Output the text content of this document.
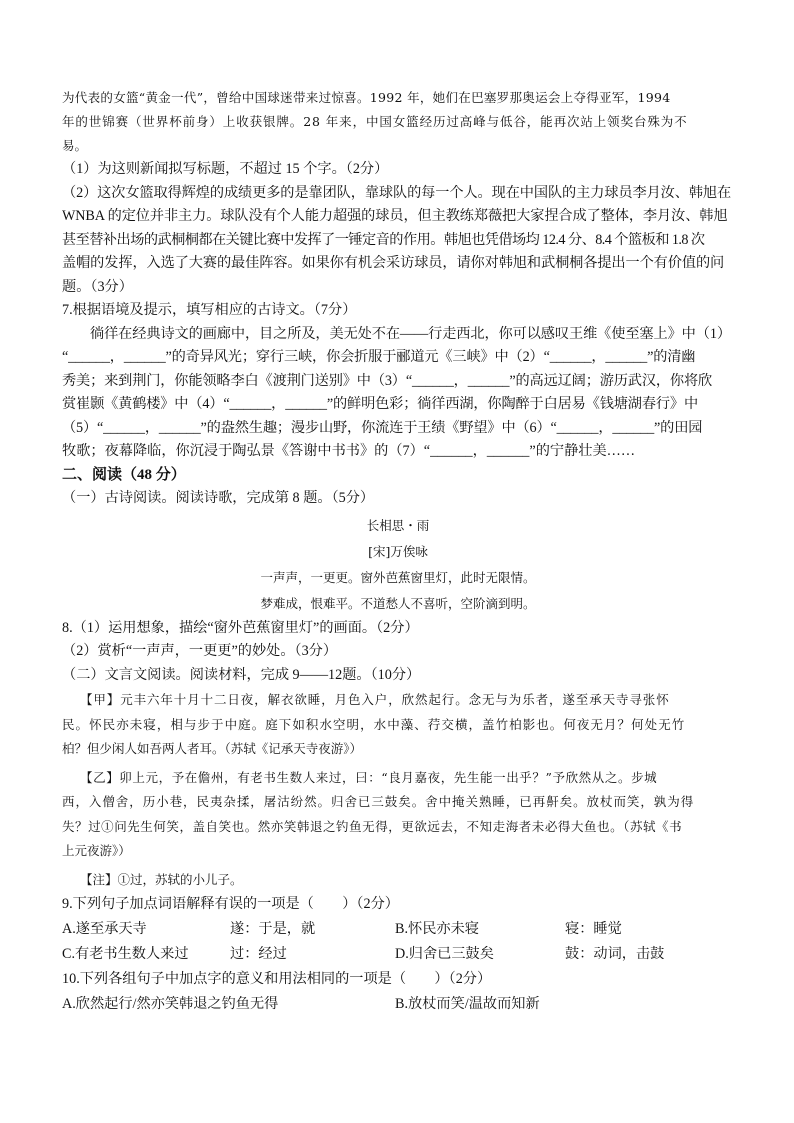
为代表的女篮“黄金一代”，曾给中国球迷带来过惊喜。1992 年，她们在巴塞罗那奥运会上夺得亚军，1994

年的世锦赛（世界杯前身）上收获银牌。28 年来，中国女篮经历过高峰与低谷，能再次站上领奖台殊为不

易。

（1）为这则新闻拟写标题，不超过 15 个字。（2分）

（2）这次女篮取得辉煌的成绩更多的是靠团队，靠球队的每一个人。现在中国队的主力球员李月汝、韩旭在

WNBA 的定位并非主力。球队没有个人能力超强的球员，但主教练郑薇把大家捏合成了整体，李月汝、韩旭

甚至替补出场的武桐桐都在关键比赛中发挥了一锤定音的作用。韩旭也凭借场均 12.4 分、8.4 个篮板和 1.8 次

盖帽的发挥，入选了大赛的最佳阵容。如果你有机会采访球员，请你对韩旭和武桐桐各提出一个有价值的问

题。（3分）

7.根据语境及提示，填写相应的古诗文。（7分）

徜徉在经典诗文的画廊中，目之所及，美无处不在——行走西北，你可以感叹王维《使至塞上》中（1）

“______，______”的奇异风光；穿行三峡，你会折服于郦道元《三峡》中（2）“______，______”的清幽

秀美；来到荆门，你能领略李白《渡荆门送别》中（3）“______，______”的高远辽阔；游历武汉，你将欣

赏崔颢《黄鹤楼》中（4）“______，______”的鲜明色彩；徜徉西湖，你陶醉于白居易《钱塘湖春行》中

（5）“______，______”的盎然生趣；漫步山野，你流连于王绩《野望》中（6）“______，______”的田园

牧歌；夜幕降临，你沉浸于陶弘景《答谢中书书》的（7）“______，______”的宁静壮美……

二、阅读（48 分）

（一）古诗阅读。阅读诗歌，完成第 8 题。（5分）

长相思・雨

[宋]万俟咏

一声声，一更更。窗外芭蕉窗里灯，此时无限情。

梦难成，恨难平。不道愁人不喜听，空阶滴到明。

8.（1）运用想象，描绘“窗外芭蕉窗里灯”的画面。（2分）

（2）赏析“一声声，一更更”的妙处。（3分）

（二）文言文阅读。阅读材料，完成 9——12题。（10分）

【甲】元丰六年十月十二日夜，解衣欲睡，月色入户，欣然起行。念无与为乐者，遂至承天寺寻张怀

民。怀民亦未寝，相与步于中庭。庭下如积水空明，水中藻、荇交横，盖竹柏影也。何夜无月？何处无竹

柏？但少闲人如吾两人者耳。（苏轼《记承天寺夜游》）

【乙】卯上元，予在儋州，有老书生数人来过，曰：“良月嘉夜，先生能一出乎？”予欣然从之。步城

西，入僧舍，历小巷，民夷杂揉，屠沽纷然。归舍已三鼓矣。舍中掩关熟睡，已再鼾矣。放杖而笑，孰为得

失？过①问先生何笑，盖自笑也。然亦笑韩退之钓鱼无得，更欲远去，不知走海者未必得大鱼也。（苏轼《书

上元夜游》）

【注】①过，苏轼的小儿子。

9.下列句子加点词语解释有误的一项是（　　）（2分）

A.遂至承天寺	遂：于是，就	B.怀民亦未寝	寝：睡觉
C.有老书生数人来过	过：经过	D.归舍已三鼓矣	鼓：动词，击鼓

10.下列各组句子中加点字的意义和用法相同的一项是（　　）（2分）

A.欣然起行/然亦笑韩退之钓鱼无得	B.放杖而笑/温故而知新
